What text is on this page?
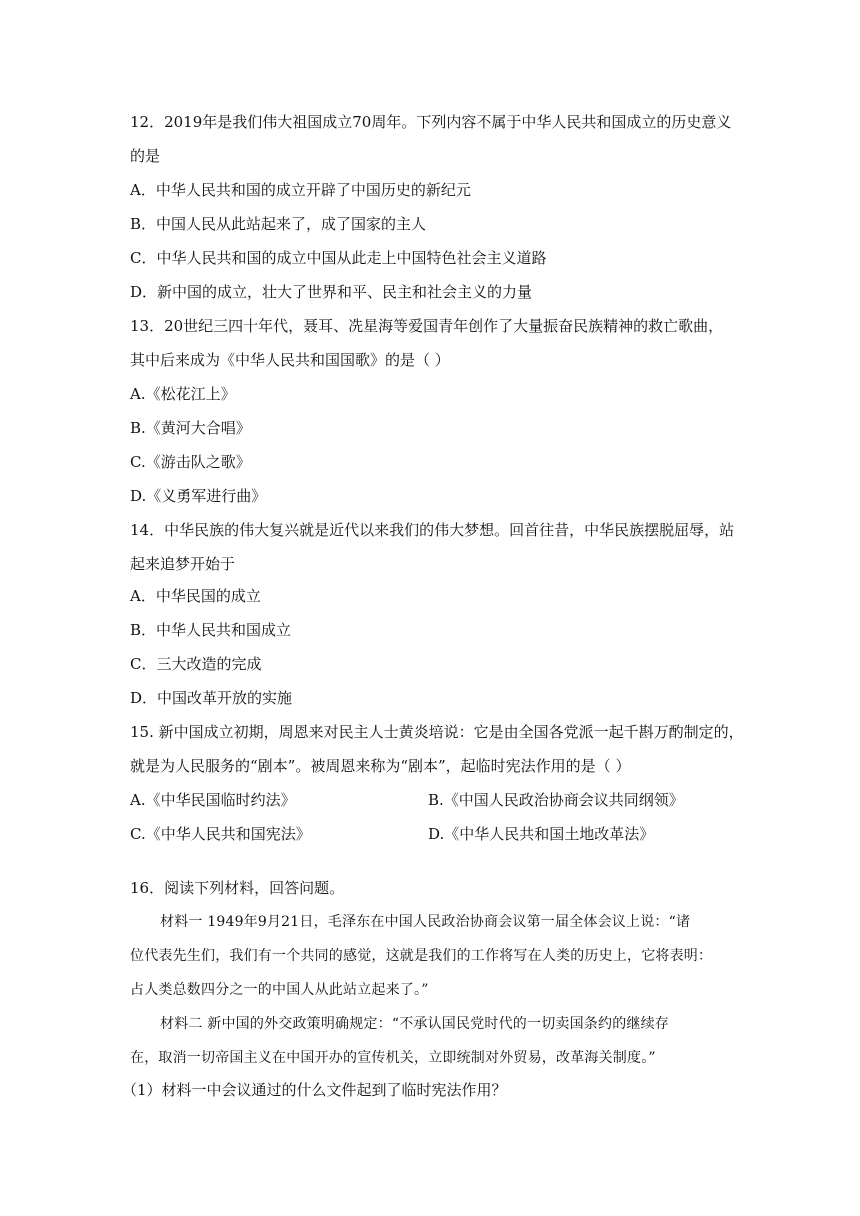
12．2019年是我们伟大祖国成立70周年。下列内容不属于中华人民共和国成立的历史意义
的是
A．中华人民共和国的成立开辟了中国历史的新纪元
B．中国人民从此站起来了，成了国家的主人
C．中华人民共和国的成立中国从此走上中国特色社会主义道路
D．新中国的成立，壮大了世界和平、民主和社会主义的力量
13．20世纪三四十年代，聂耳、冼星海等爱国青年创作了大量振奋民族精神的救亡歌曲，
其中后来成为《中华人民共和国国歌》的是（ ）
A.《松花江上》
B.《黄河大合唱》
C.《游击队之歌》
D.《义勇军进行曲》
14．中华民族的伟大复兴就是近代以来我们的伟大梦想。回首往昔，中华民族摆脱屈辱，站
起来追梦开始于
A．中华民国的成立
B．中华人民共和国成立
C．三大改造的完成
D．中国改革开放的实施
15. 新中国成立初期，周恩来对民主人士黄炎培说：它是由全国各党派一起千斟万酌制定的，
就是为人民服务的“剧本”。被周恩来称为“剧本”，起临时宪法作用的是（ ）
A.《中华民国临时约法》	B.《中国人民政治协商会议共同纲领》
C.《中华人民共和国宪法》	D.《中华人民共和国土地改革法》
16．阅读下列材料，回答问题。
材料一 1949年9月21日，毛泽东在中国人民政治协商会议第一届全体会议上说：“诸
位代表先生们，我们有一个共同的感觉，这就是我们的工作将写在人类的历史上，它将表明：
占人类总数四分之一的中国人从此站立起来了。”
材料二 新中国的外交政策明确规定：“不承认国民党时代的一切卖国条约的继续存
在，取消一切帝国主义在中国开办的宣传机关，立即统制对外贸易，改革海关制度。”
（1）材料一中会议通过的什么文件起到了临时宪法作用？
